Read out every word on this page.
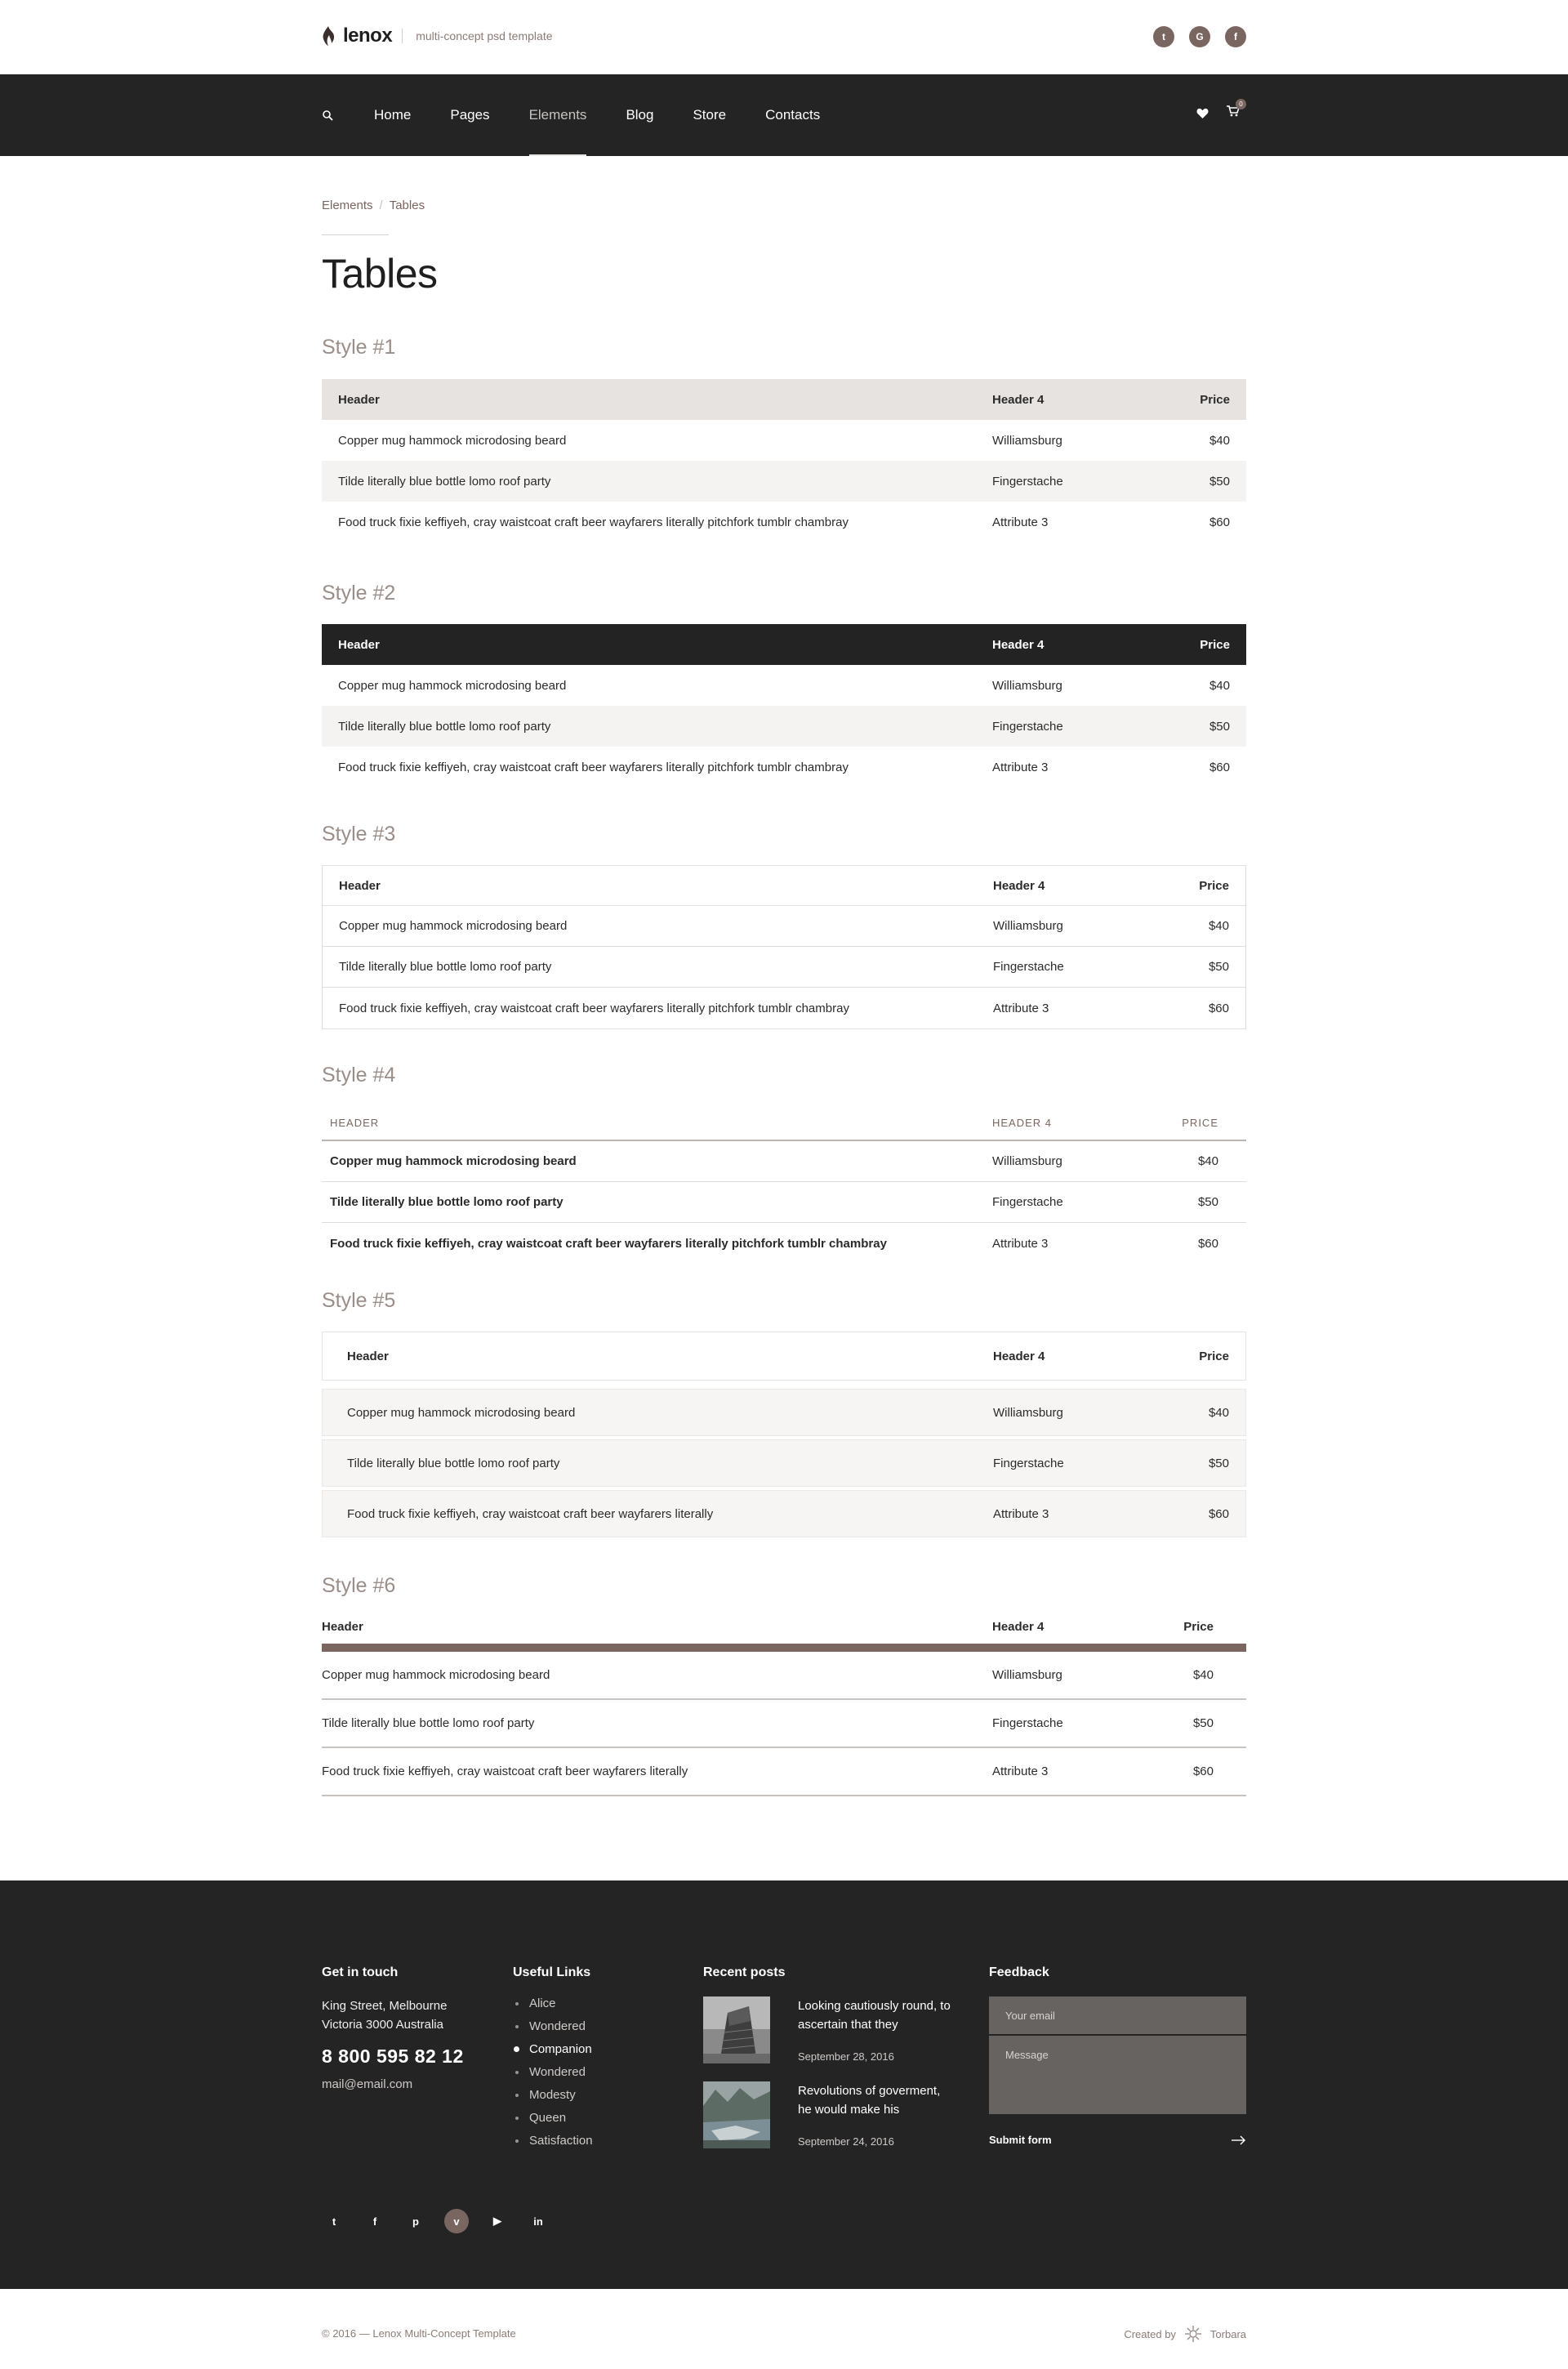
lenox multi-concept psd template	t	G	f
Home	Pages	Elements	Blog	Store	Contacts
0
Elements / Tables
Tables
Style #1
Header	Header 4	Price
Copper mug hammock microdosing beard	Williamsburg	$40
Tilde literally blue bottle lomo roof party	Fingerstache	$50
Food truck fixie keffiyeh, cray waistcoat craft beer wayfarers literally pitchfork tumblr chambray	Attribute 3	$60
Style #2
Header	Header 4	Price
Copper mug hammock microdosing beard	Williamsburg	$40
Tilde literally blue bottle lomo roof party	Fingerstache	$50
Food truck fixie keffiyeh, cray waistcoat craft beer wayfarers literally pitchfork tumblr chambray	Attribute 3	$60
Style #3
Header	Header 4	Price
Copper mug hammock microdosing beard	Williamsburg	$40
Tilde literally blue bottle lomo roof party	Fingerstache	$50
Food truck fixie keffiyeh, cray waistcoat craft beer wayfarers literally pitchfork tumblr chambray	Attribute 3	$60
Style #4
HEADER	HEADER 4	PRICE
Copper mug hammock microdosing beard	Williamsburg	$40
Tilde literally blue bottle lomo roof party	Fingerstache	$50
Food truck fixie keffiyeh, cray waistcoat craft beer wayfarers literally pitchfork tumblr chambray	Attribute 3	$60
Style #5
Header	Header 4	Price
Copper mug hammock microdosing beard	Williamsburg	$40
Tilde literally blue bottle lomo roof party	Fingerstache	$50
Food truck fixie keffiyeh, cray waistcoat craft beer wayfarers literally	Attribute 3	$60
Style #6
Header	Header 4	Price
Copper mug hammock microdosing beard	Williamsburg	$40
Tilde literally blue bottle lomo roof party	Fingerstache	$50
Food truck fixie keffiyeh, cray waistcoat craft beer wayfarers literally	Attribute 3	$60
Get in touch
King Street, Melbourne
Victoria 3000 Australia
8 800 595 82 12
mail@email.com
Useful Links
Alice
Wondered
Companion
Wondered
Modesty
Queen
Satisfaction
Recent posts
Looking cautiously round, to ascertain that they
September 28, 2016
Revolutions of goverment, he would make his
September 24, 2016
Feedback
Your email
Message
Submit form
t	f	p	v	▶	in
© 2016 — Lenox Multi-Concept Template	Created by	Torbara
